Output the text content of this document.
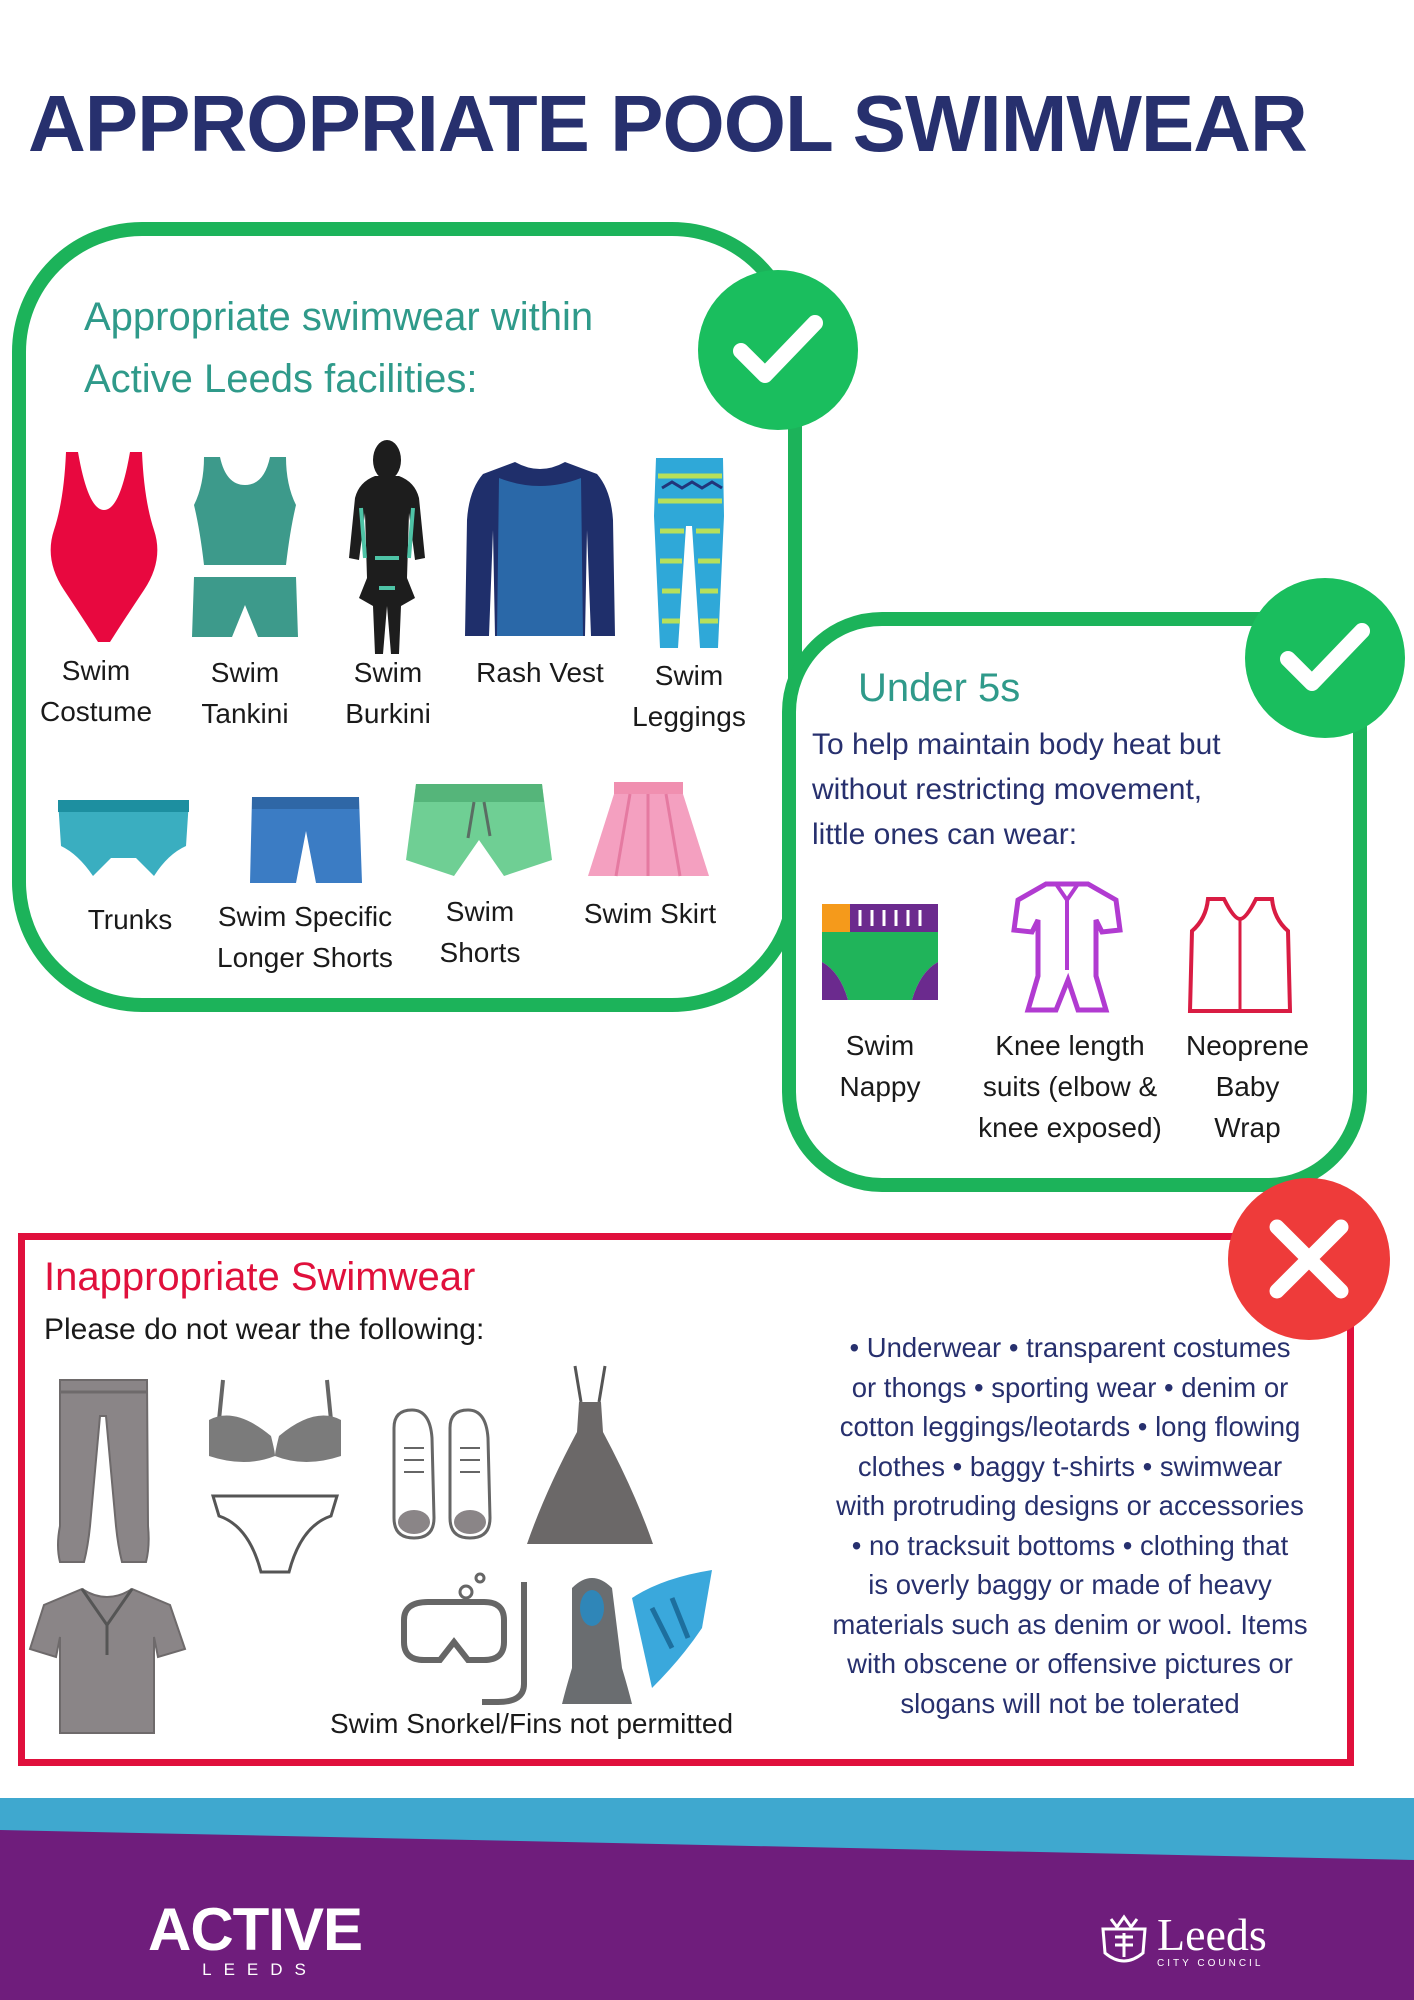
APPROPRIATE POOL SWIMWEAR
Appropriate swimwear within
Active Leeds facilities:
Swim
Costume
Swim
Tankini
Swim
Burkini
Rash Vest	Swim
Leggings
Trunks	Swim Specific
Longer Shorts
Swim
Shorts
Swim Skirt
Under 5s
To help maintain body heat but
without restricting movement,
little ones can wear:
Swim
Nappy
Knee length
suits (elbow &
knee exposed)
Neoprene
Baby
Wrap
Inappropriate Swimwear
Please do not wear the following:
Swim Snorkel/Fins not permitted
• Underwear • transparent costumes
or thongs • sporting wear • denim or
cotton leggings/leotards • long flowing
clothes • baggy t-shirts • swimwear
with protruding designs or accessories
• no tracksuit bottoms • clothing that
is overly baggy or made of heavy
materials such as denim or wool. Items
with obscene or offensive pictures or
slogans will not be tolerated
ACTIVE
LEEDS
Leeds
CITY COUNCIL
